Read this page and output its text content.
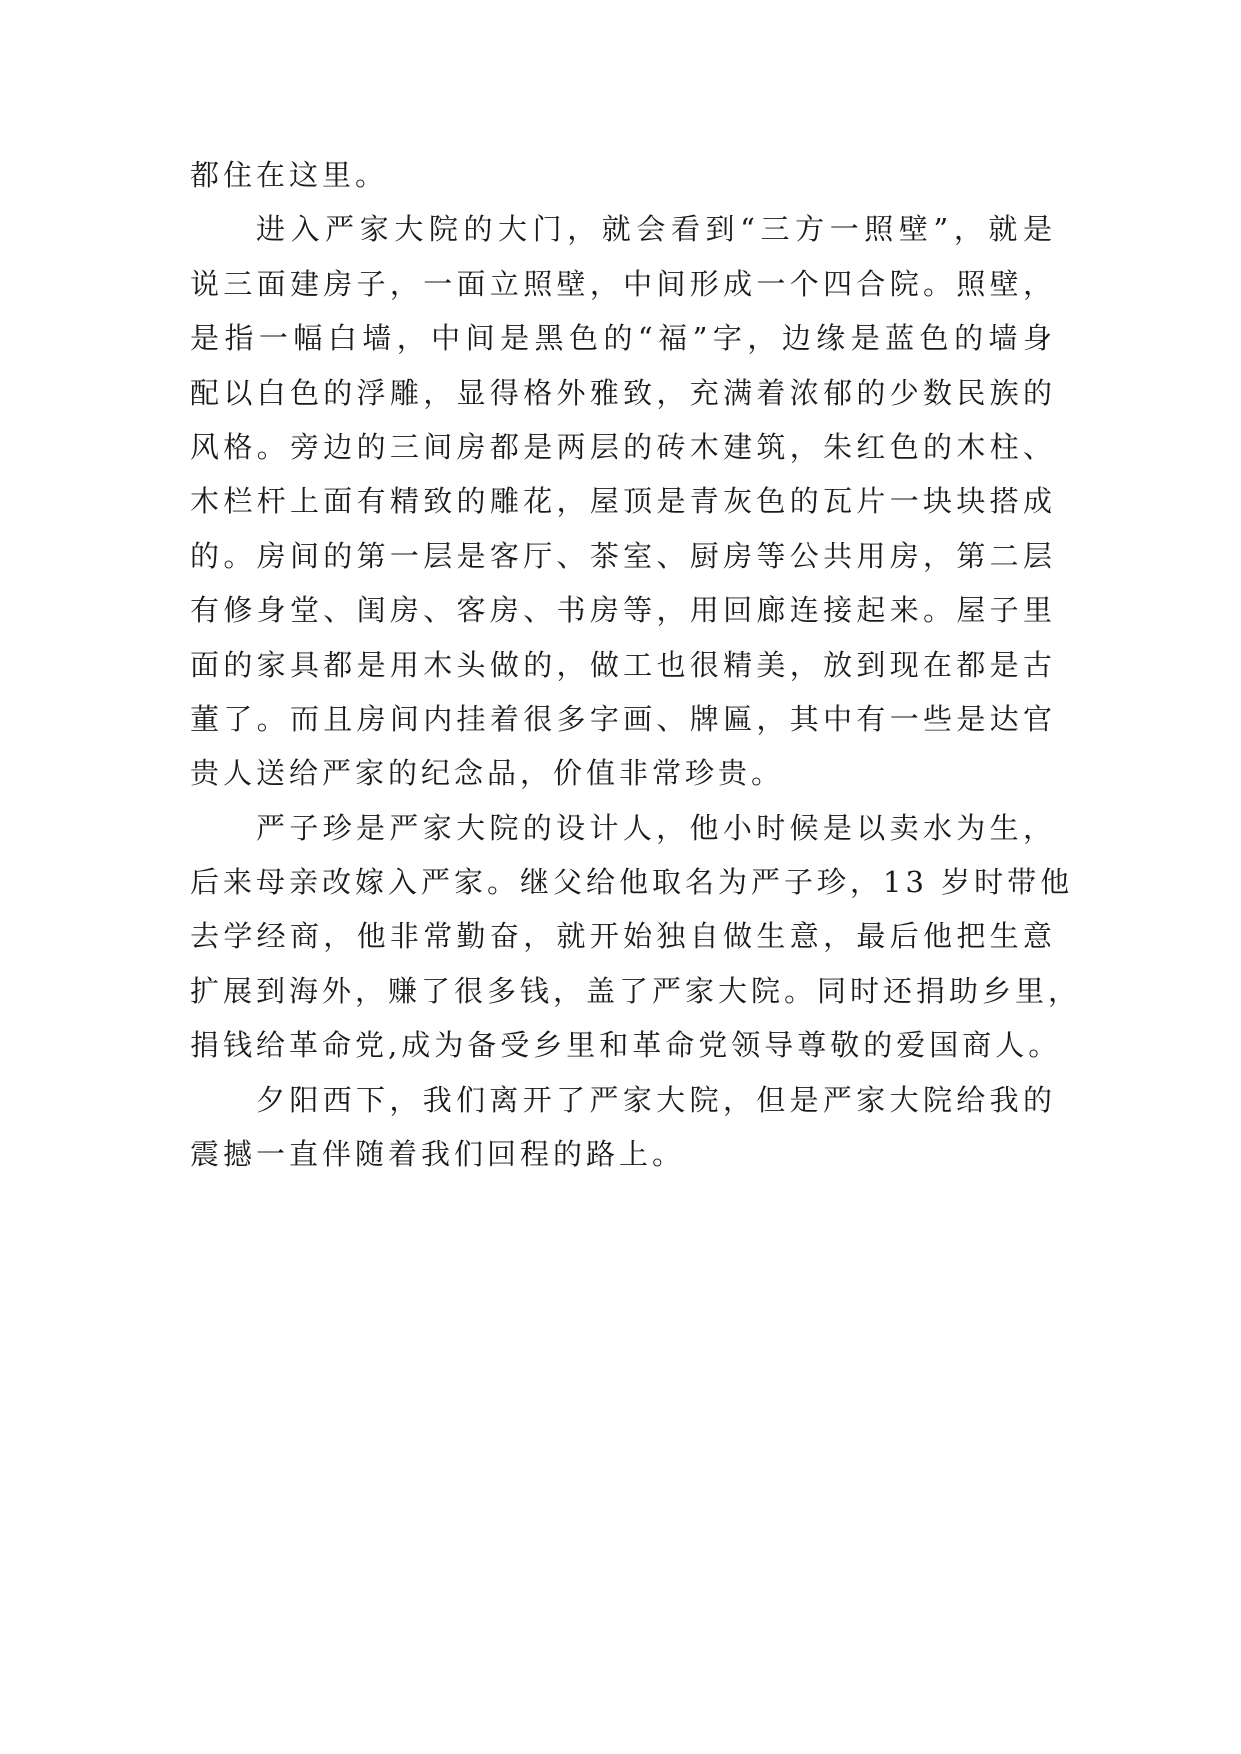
都住在这里。
进入严家大院的大门，就会看到“三方一照壁”，就是
说三面建房子，一面立照壁，中间形成一个四合院。照壁，
是指一幅白墙，中间是黑色的“福”字，边缘是蓝色的墙身
配以白色的浮雕，显得格外雅致，充满着浓郁的少数民族的
风格。旁边的三间房都是两层的砖木建筑，朱红色的木柱、
木栏杆上面有精致的雕花，屋顶是青灰色的瓦片一块块搭成
的。房间的第一层是客厅、茶室、厨房等公共用房，第二层
有修身堂、闺房、客房、书房等，用回廊连接起来。屋子里
面的家具都是用木头做的，做工也很精美，放到现在都是古
董了。而且房间内挂着很多字画、牌匾，其中有一些是达官
贵人送给严家的纪念品，价值非常珍贵。
严子珍是严家大院的设计人，他小时候是以卖水为生，
后来母亲改嫁入严家。继父给他取名为严子珍，13 岁时带他
去学经商，他非常勤奋，就开始独自做生意，最后他把生意
扩展到海外，赚了很多钱，盖了严家大院。同时还捐助乡里，
捐钱给革命党,成为备受乡里和革命党领导尊敬的爱国商人。
夕阳西下，我们离开了严家大院，但是严家大院给我的
震撼一直伴随着我们回程的路上。
